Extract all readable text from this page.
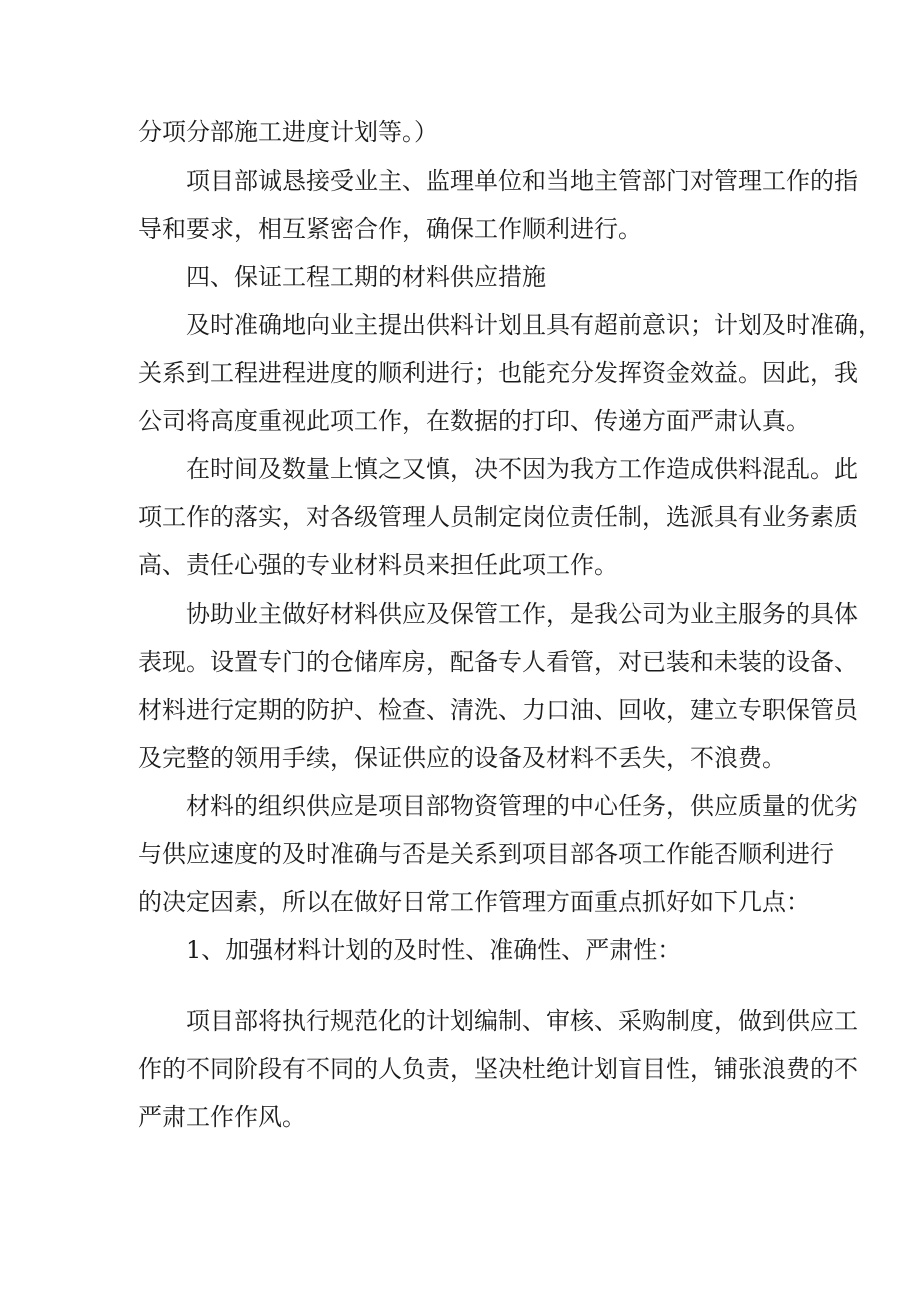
分项分部施工进度计划等。）
项目部诚恳接受业主、监理单位和当地主管部门对管理工作的指
导和要求，相互紧密合作，确保工作顺利进行。
四、保证工程工期的材料供应措施
及时准确地向业主提出供料计划且具有超前意识；计划及时准确，
关系到工程进程进度的顺利进行；也能充分发挥资金效益。因此，我
公司将高度重视此项工作，在数据的打印、传递方面严肃认真。
在时间及数量上慎之又慎，决不因为我方工作造成供料混乱。此
项工作的落实，对各级管理人员制定岗位责任制，选派具有业务素质
高、责任心强的专业材料员来担任此项工作。
协助业主做好材料供应及保管工作，是我公司为业主服务的具体
表现。设置专门的仓储库房，配备专人看管，对已装和未装的设备、
材料进行定期的防护、检查、清洗、力口油、回收，建立专职保管员
及完整的领用手续，保证供应的设备及材料不丢失，不浪费。
材料的组织供应是项目部物资管理的中心任务，供应质量的优劣
与供应速度的及时准确与否是关系到项目部各项工作能否顺利进行
的决定因素，所以在做好日常工作管理方面重点抓好如下几点：
1、加强材料计划的及时性、准确性、严肃性：
项目部将执行规范化的计划编制、审核、采购制度，做到供应工
作的不同阶段有不同的人负责，坚决杜绝计划盲目性，铺张浪费的不
严肃工作作风。
